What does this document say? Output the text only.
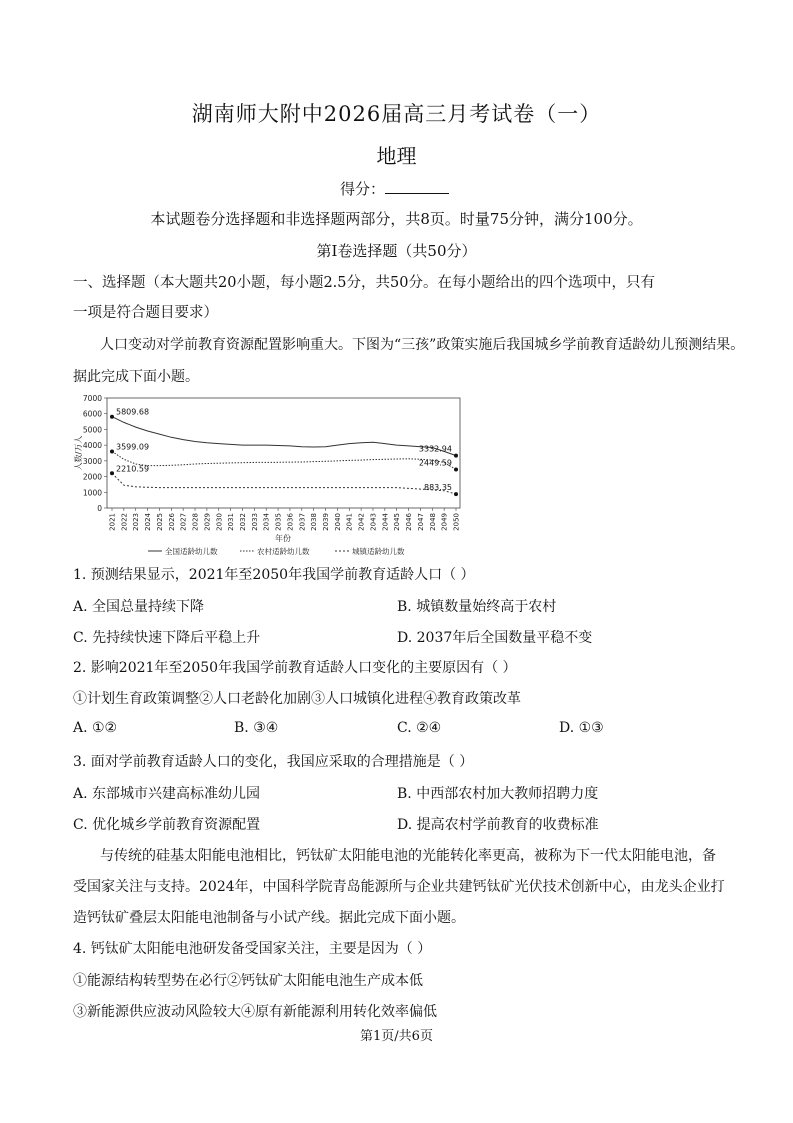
湖南师大附中2026届高三月考试卷（一）
地理
得分：
本试题卷分选择题和非选择题两部分，共8页。时量75分钟，满分100分。
第Ⅰ卷选择题（共50分）
一、选择题（本大题共20小题，每小题2.5分，共50分。在每小题给出的四个选项中，只有
一项是符合题目要求）
人口变动对学前教育资源配置影响重大。下图为“三孩”政策实施后我国城乡学前教育适龄幼儿预测结果。
据此完成下面小题。
人数/万人
0
1000
2000
3000
4000
5000
6000
7000
2021 2022 2023 2024 2025 2026 2027 2028 2029 2030 2031 2032 2033 2034 2035 2036 2037 2038 2039 2040 2041 2042 2043 2044 2045 2046 2047 2048 2049 2050
5809.68
3332.94
3599.09
2449.59
2210.59
883.35
年份
全国适龄幼儿数	农村适龄幼儿数	城镇适龄幼儿数
1. 预测结果显示，2021年至2050年我国学前教育适龄人口（ ）
A. 全国总量持续下降	B. 城镇数量始终高于农村
C. 先持续快速下降后平稳上升	D. 2037年后全国数量平稳不变
2. 影响2021年至2050年我国学前教育适龄人口变化的主要原因有（ ）
①计划生育政策调整②人口老龄化加剧③人口城镇化进程④教育政策改革
A. ①②	B. ③④	C. ②④	D. ①③
3. 面对学前教育适龄人口的变化，我国应采取的合理措施是（ ）
A. 东部城市兴建高标准幼儿园	B. 中西部农村加大教师招聘力度
C. 优化城乡学前教育资源配置	D. 提高农村学前教育的收费标准
与传统的硅基太阳能电池相比，钙钛矿太阳能电池的光能转化率更高，被称为下一代太阳能电池，备
受国家关注与支持。2024年，中国科学院青岛能源所与企业共建钙钛矿光伏技术创新中心，由龙头企业打
造钙钛矿叠层太阳能电池制备与小试产线。据此完成下面小题。
4. 钙钛矿太阳能电池研发备受国家关注，主要是因为（ ）
①能源结构转型势在必行②钙钛矿太阳能电池生产成本低
③新能源供应波动风险较大④原有新能源利用转化效率偏低
第1页/共6页
